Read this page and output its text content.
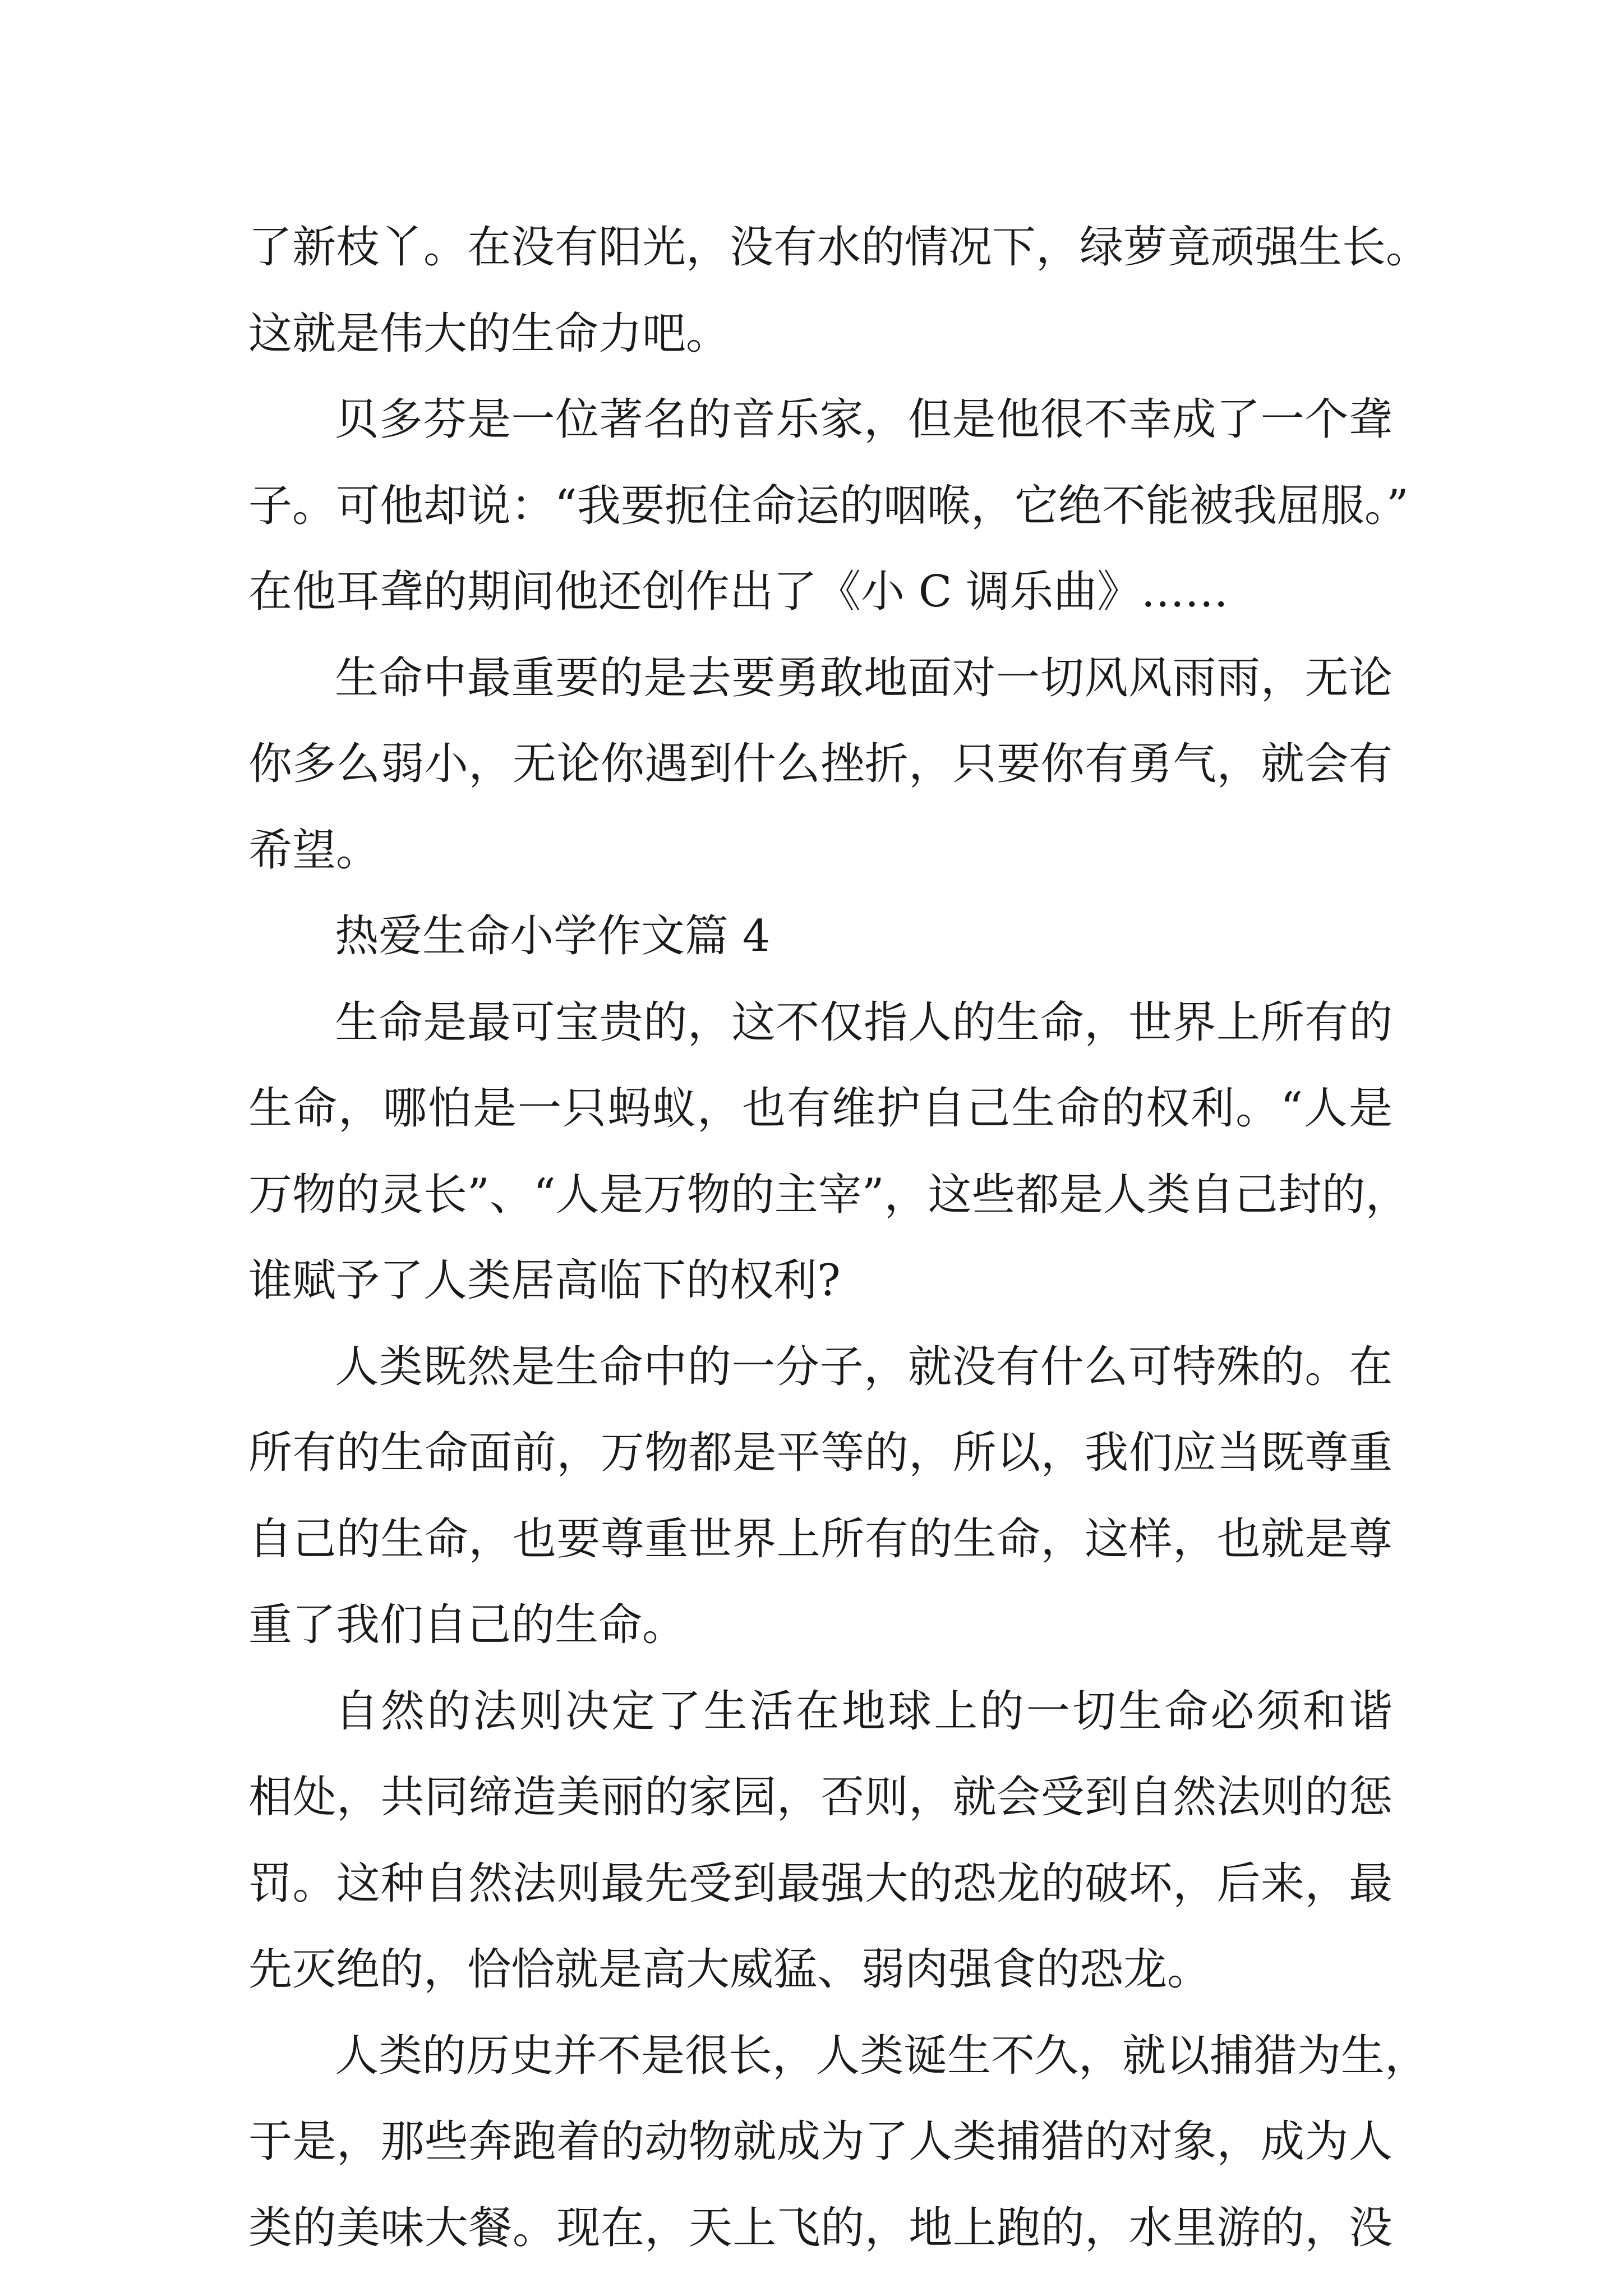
了新枝丫。在没有阳光，没有水的情况下，绿萝竟顽强生长。
这就是伟大的生命力吧。
贝多芬是一位著名的音乐家，但是他很不幸成了一个聋
子。可他却说：“我要扼住命运的咽喉，它绝不能被我屈服。”
在他耳聋的期间他还创作出了《小 C 调乐曲》……
生命中最重要的是去要勇敢地面对一切风风雨雨，无论
你多么弱小，无论你遇到什么挫折，只要你有勇气，就会有
希望。
热爱生命小学作文篇 4
生命是最可宝贵的，这不仅指人的生命，世界上所有的
生命，哪怕是一只蚂蚁，也有维护自己生命的权利。“人是
万物的灵长”、“人是万物的主宰”，这些都是人类自己封的，
谁赋予了人类居高临下的权利?
人类既然是生命中的一分子，就没有什么可特殊的。在
所有的生命面前，万物都是平等的，所以，我们应当既尊重
自己的生命，也要尊重世界上所有的生命，这样，也就是尊
重了我们自己的生命。
自然的法则决定了生活在地球上的一切生命必须和谐
相处，共同缔造美丽的家园，否则，就会受到自然法则的惩
罚。这种自然法则最先受到最强大的恐龙的破坏，后来，最
先灭绝的，恰恰就是高大威猛、弱肉强食的恐龙。
人类的历史并不是很长，人类诞生不久，就以捕猎为生，
于是，那些奔跑着的动物就成为了人类捕猎的对象，成为人
类的美味大餐。现在，天上飞的，地上跑的，水里游的，没
